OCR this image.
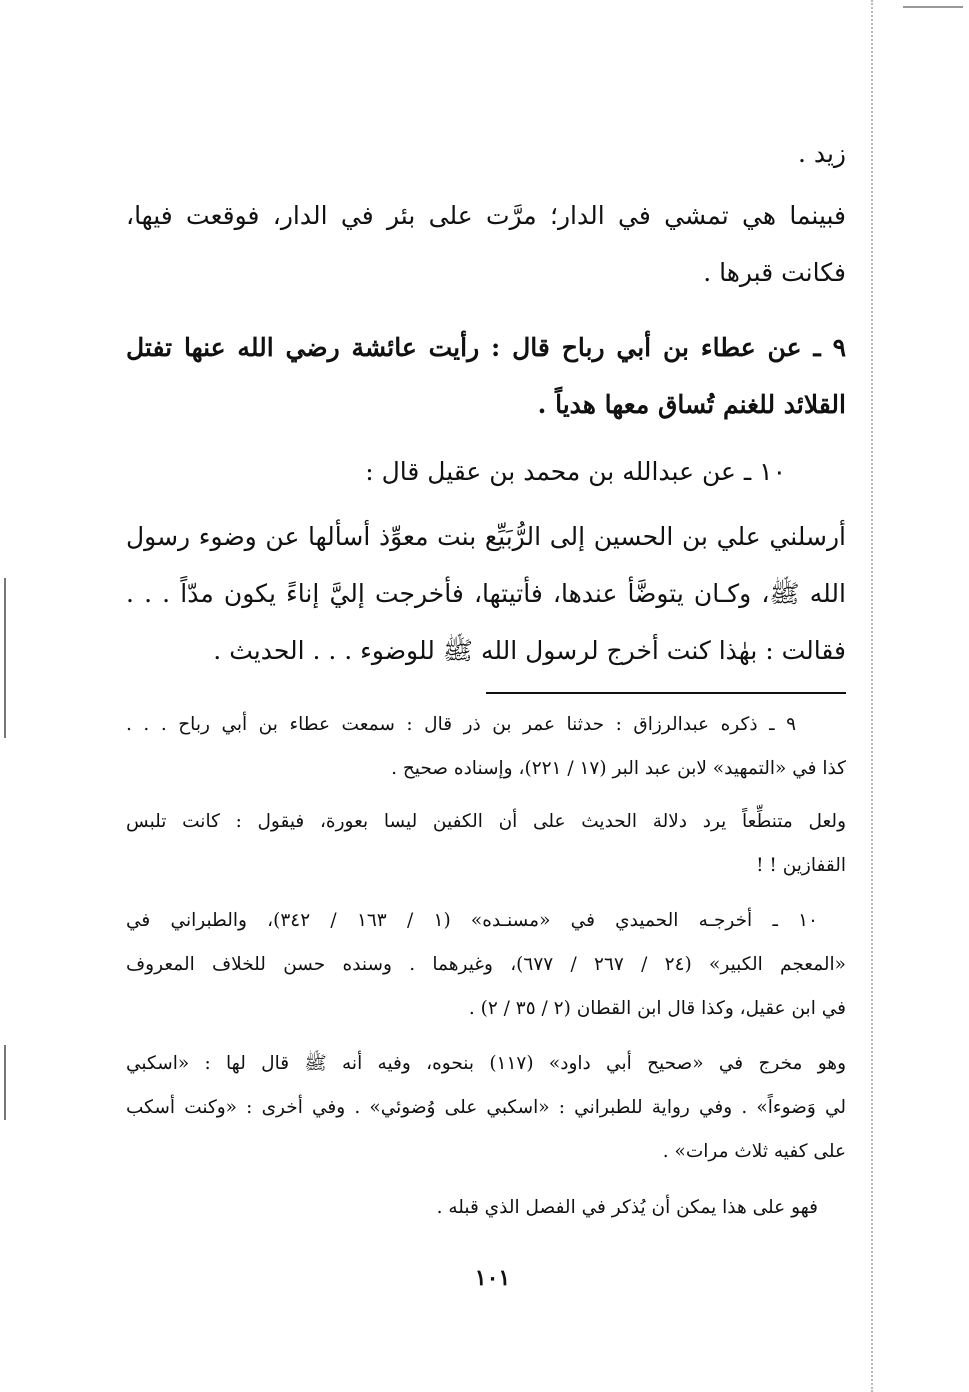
زيد .
فبينما هي تمشي في الدار؛ مرَّت على بئر في الدار، فوقعت فيها،
فكانت قبرها .
٩ ـ عن عطاء بن أبي رباح قال : رأيت عائشة رضي الله عنها تفتل
القلائد للغنم تُساق معها هدياً .
١٠ ـ عن عبدالله بن محمد بن عقيل قال :
أرسلني علي بن الحسين إلى الرُّبَيِّع بنت معوِّذ أسألها عن وضوء رسول
الله ﷺ، وكـان يتوضَّأ عندها، فأتيتها، فأخرجت إليَّ إناءً يكون مدّاً . . .
فقالت : بهٰذا كنت أخرج لرسول الله ﷺ للوضوء . . . الحديث .
٩ ـ ذكره عبدالرزاق : حدثنا عمر بن ذر قال : سمعت عطاء بن أبي رباح . . .
كذا في «التمهيد» لابن عبد البر (١٧ / ٢٢١)، وإسناده صحيح .
ولعل متنطِّعاً يرد دلالة الحديث على أن الكفين ليسا بعورة، فيقول : كانت تلبس
القفازين ! !
١٠ ـ أخرجـه الحميدي في «مسنـده» (١ / ١٦٣ / ٣٤٢)، والطبراني في
«المعجم الكبير» (٢٤ / ٢٦٧ / ٦٧٧)، وغيرهما . وسنده حسن للخلاف المعروف
في ابن عقيل، وكذا قال ابن القطان (٢ / ٣٥ / ٢) .
وهو مخرج في «صحيح أبي داود» (١١٧) بنحوه، وفيه أنه ﷺ قال لها : «اسكبي
لي وَضوءاً» . وفي رواية للطبراني : «اسكبي على وُضوئي» . وفي أخرى : «وكنت أسكب
على كفيه ثلاث مرات» .
فهو على هذا يمكن أن يُذكر في الفصل الذي قبله .
١٠١
